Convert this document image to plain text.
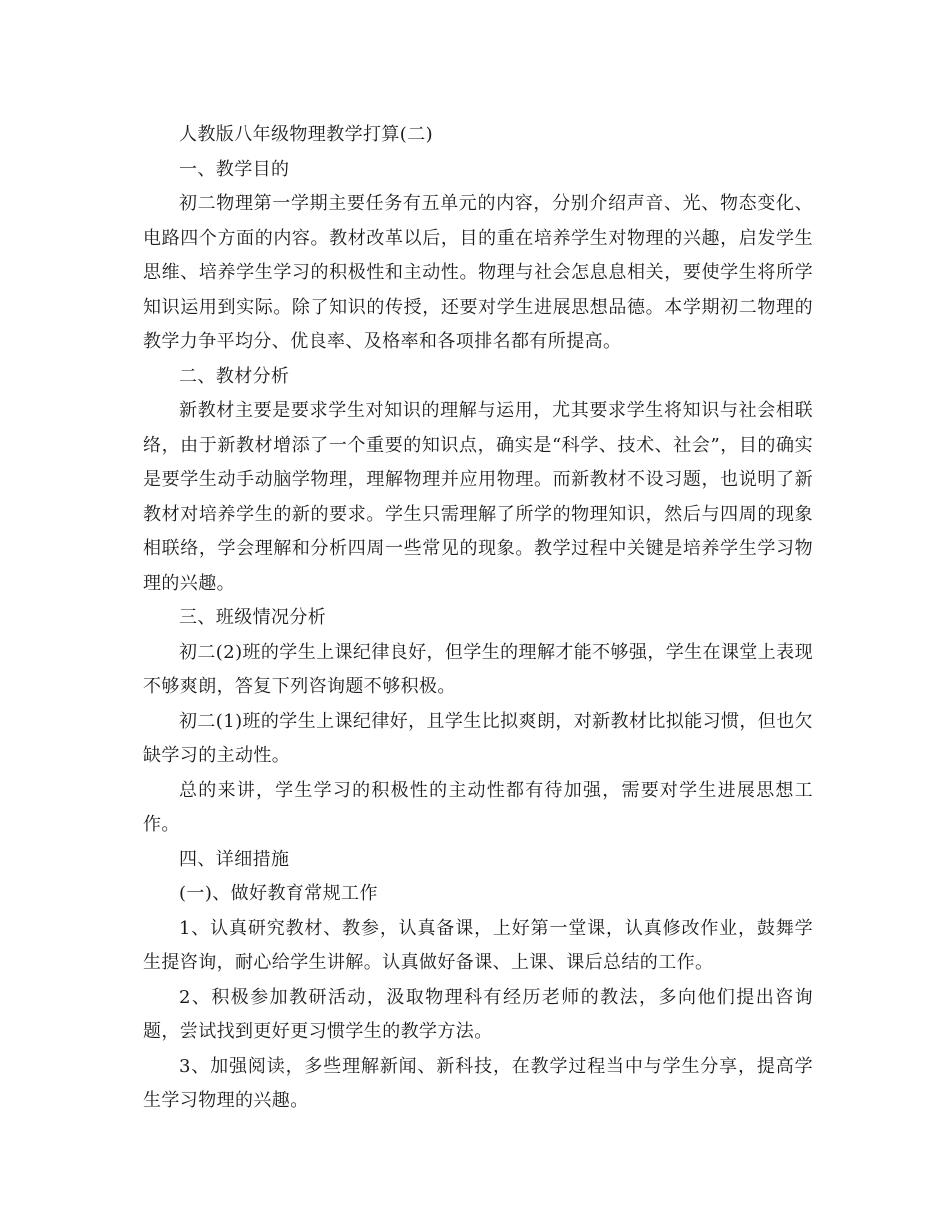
人教版八年级物理教学打算(二)

一、教学目的

初二物理第一学期主要任务有五单元的内容，分别介绍声音、光、物态变化、电路四个方面的内容。教材改革以后，目的重在培养学生对物理的兴趣，启发学生思维、培养学生学习的积极性和主动性。物理与社会怎息息相关，要使学生将所学知识运用到实际。除了知识的传授，还要对学生进展思想品德。本学期初二物理的教学力争平均分、优良率、及格率和各项排名都有所提高。

二、教材分析

新教材主要是要求学生对知识的理解与运用，尤其要求学生将知识与社会相联络，由于新教材增添了一个重要的知识点，确实是“科学、技术、社会”，目的确实是要学生动手动脑学物理，理解物理并应用物理。而新教材不设习题，也说明了新教材对培养学生的新的要求。学生只需理解了所学的物理知识，然后与四周的现象相联络，学会理解和分析四周一些常见的现象。教学过程中关键是培养学生学习物理的兴趣。

三、班级情况分析

初二(2)班的学生上课纪律良好，但学生的理解才能不够强，学生在课堂上表现不够爽朗，答复下列咨询题不够积极。

初二(1)班的学生上课纪律好，且学生比拟爽朗，对新教材比拟能习惯，但也欠缺学习的主动性。

总的来讲，学生学习的积极性的主动性都有待加强，需要对学生进展思想工作。

四、详细措施

(一)、做好教育常规工作

1、认真研究教材、教参，认真备课，上好第一堂课，认真修改作业，鼓舞学生提咨询，耐心给学生讲解。认真做好备课、上课、课后总结的工作。

2、积极参加教研活动，汲取物理科有经历老师的教法，多向他们提出咨询题，尝试找到更好更习惯学生的教学方法。

3、加强阅读，多些理解新闻、新科技，在教学过程当中与学生分享，提高学生学习物理的兴趣。
